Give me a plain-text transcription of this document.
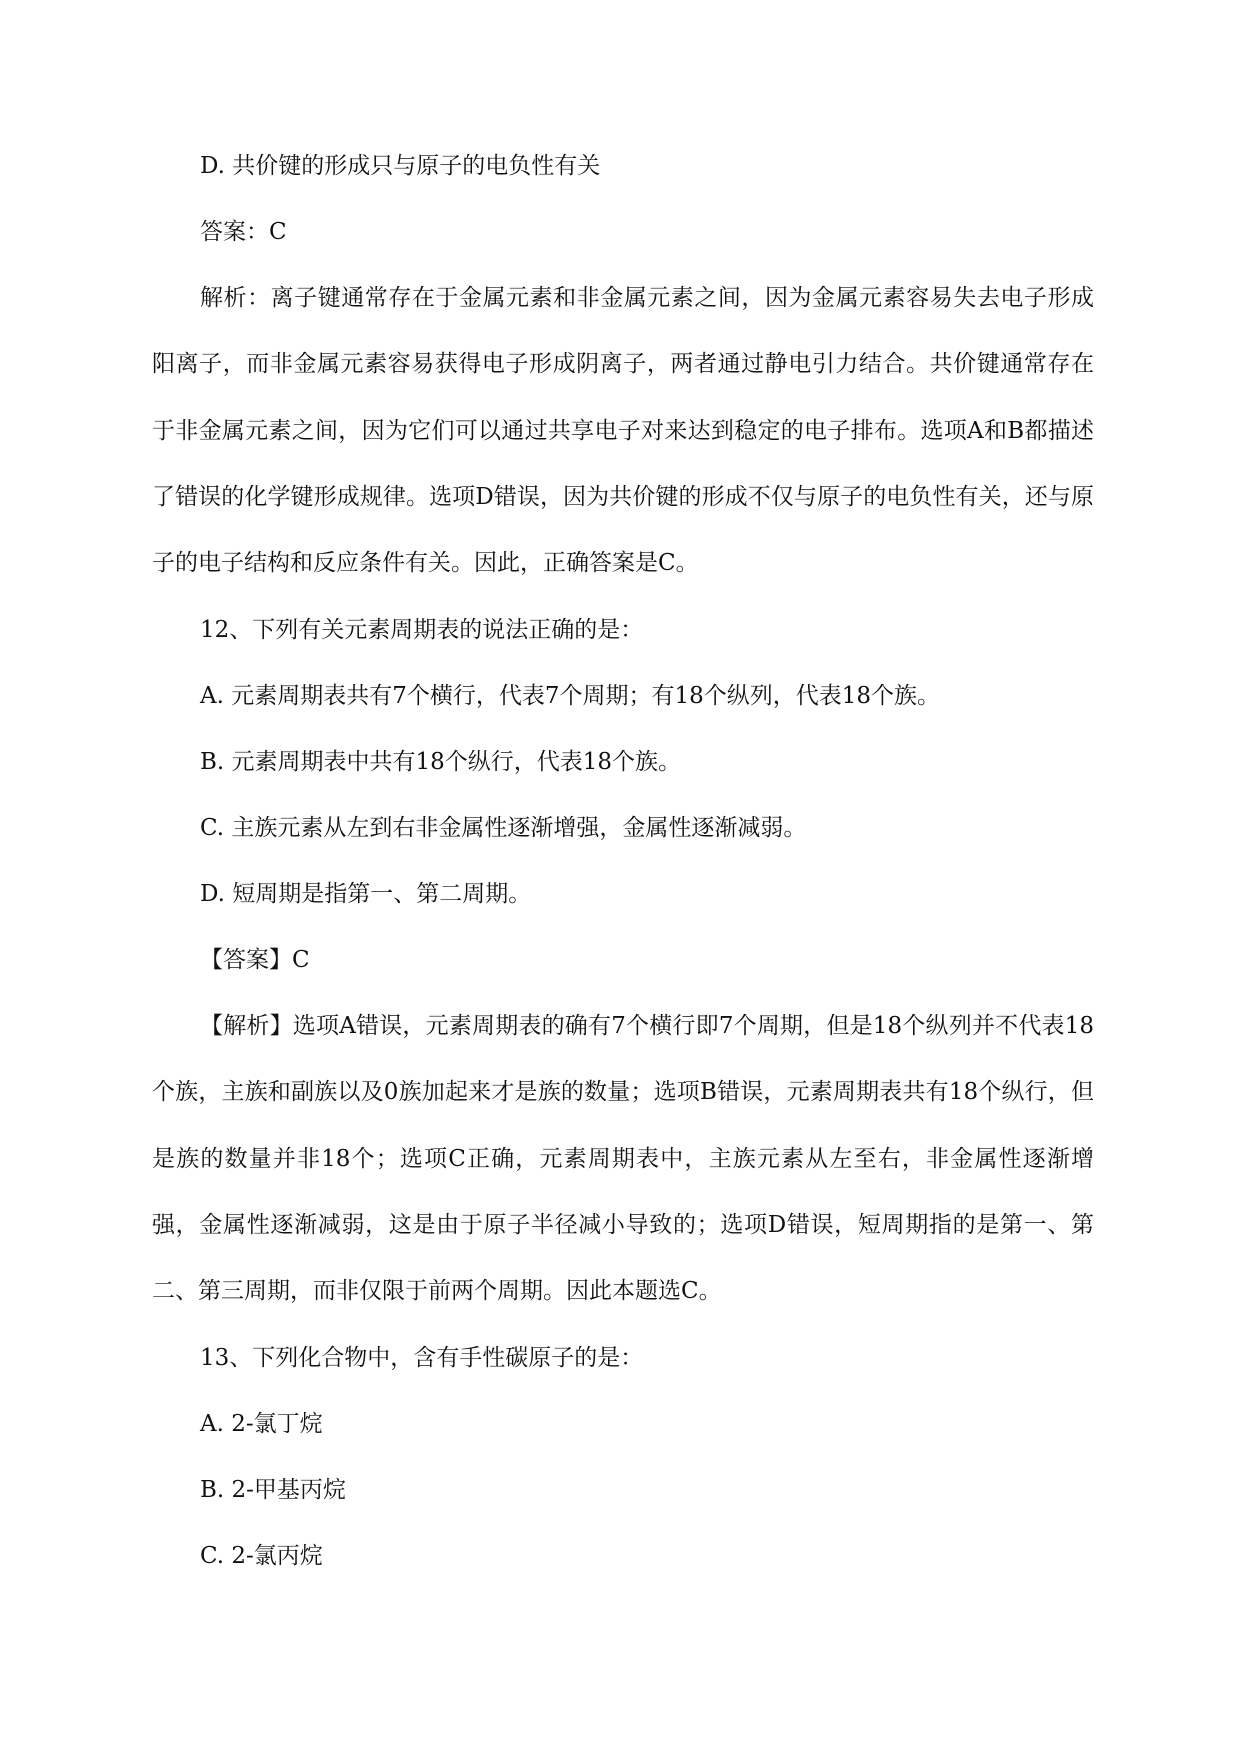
D. 共价键的形成只与原子的电负性有关
答案：C
解析：离子键通常存在于金属元素和非金属元素之间，因为金属元素容易失去电子形成阳离子，而非金属元素容易获得电子形成阴离子，两者通过静电引力结合。共价键通常存在于非金属元素之间，因为它们可以通过共享电子对来达到稳定的电子排布。选项A和B都描述了错误的化学键形成规律。选项D错误，因为共价键的形成不仅与原子的电负性有关，还与原子的电子结构和反应条件有关。因此，正确答案是C。
12、下列有关元素周期表的说法正确的是：
A. 元素周期表共有7个横行，代表7个周期；有18个纵列，代表18个族。
B. 元素周期表中共有18个纵行，代表18个族。
C. 主族元素从左到右非金属性逐渐增强，金属性逐渐减弱。
D. 短周期是指第一、第二周期。
【答案】C
【解析】选项A错误，元素周期表的确有7个横行即7个周期，但是18个纵列并不代表18个族，主族和副族以及0族加起来才是族的数量；选项B错误，元素周期表共有18个纵行，但是族的数量并非18个；选项C正确，元素周期表中，主族元素从左至右，非金属性逐渐增强，金属性逐渐减弱，这是由于原子半径减小导致的；选项D错误，短周期指的是第一、第二、第三周期，而非仅限于前两个周期。因此本题选C。
13、下列化合物中，含有手性碳原子的是：
A. 2-氯丁烷
B. 2-甲基丙烷
C. 2-氯丙烷
